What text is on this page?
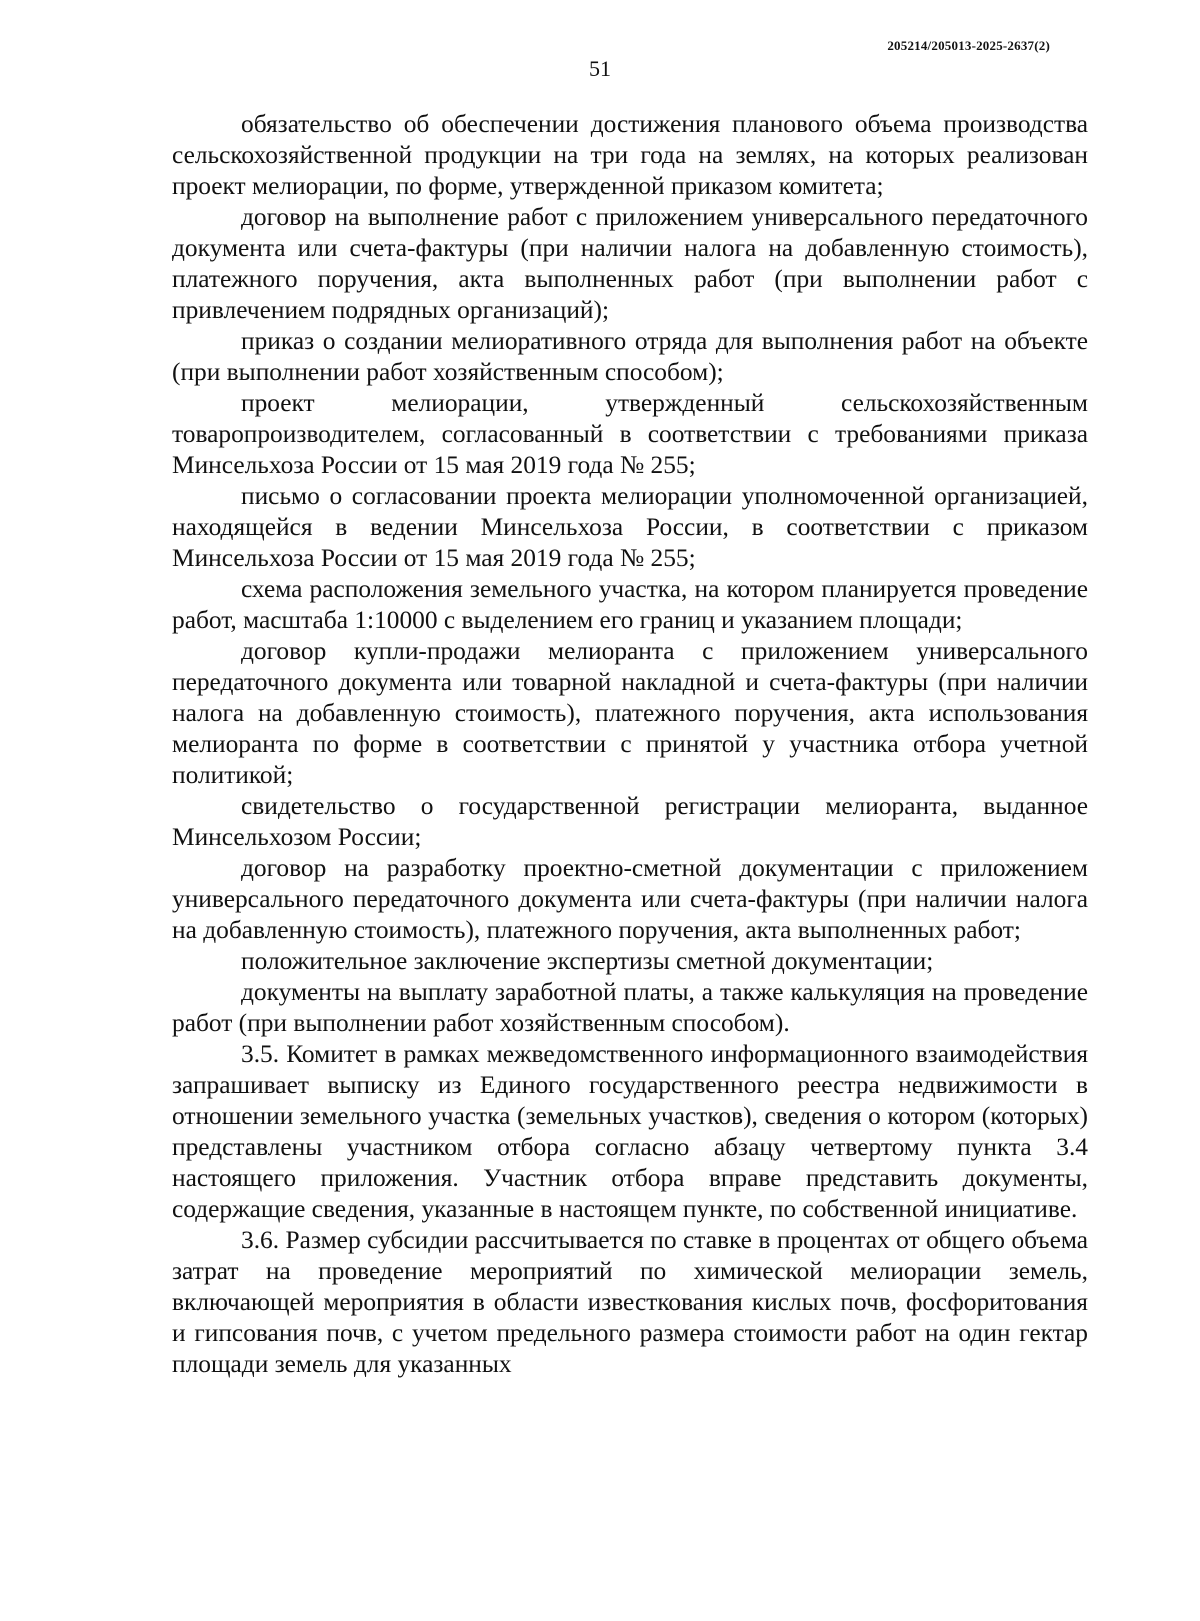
205214/205013-2025-2637(2)
51

обязательство об обеспечении достижения планового объема производства сельскохозяйственной продукции на три года на землях, на которых реализован проект мелиорации, по форме, утвержденной приказом комитета;

договор на выполнение работ с приложением универсального передаточного документа или счета-фактуры (при наличии налога на добавленную стоимость), платежного поручения, акта выполненных работ (при выполнении работ с привлечением подрядных организаций);

приказ о создании мелиоративного отряда для выполнения работ на объекте (при выполнении работ хозяйственным способом);

проект мелиорации, утвержденный сельскохозяйственным товаропроизводителем, согласованный в соответствии с требованиями приказа Минсельхоза России от 15 мая 2019 года № 255;

письмо о согласовании проекта мелиорации уполномоченной организацией, находящейся в ведении Минсельхоза России, в соответствии с приказом Минсельхоза России от 15 мая 2019 года № 255;

схема расположения земельного участка, на котором планируется проведение работ, масштаба 1:10000 с выделением его границ и указанием площади;

договор купли-продажи мелиоранта с приложением универсального передаточного документа или товарной накладной и счета-фактуры (при наличии налога на добавленную стоимость), платежного поручения, акта использования мелиоранта по форме в соответствии с принятой у участника отбора учетной политикой;

свидетельство о государственной регистрации мелиоранта, выданное Минсельхозом России;

договор на разработку проектно-сметной документации с приложением универсального передаточного документа или счета-фактуры (при наличии налога на добавленную стоимость), платежного поручения, акта выполненных работ;

положительное заключение экспертизы сметной документации;

документы на выплату заработной платы, а также калькуляция на проведение работ (при выполнении работ хозяйственным способом).

3.5. Комитет в рамках межведомственного информационного взаимодействия запрашивает выписку из Единого государственного реестра недвижимости в отношении земельного участка (земельных участков), сведения о котором (которых) представлены участником отбора согласно абзацу четвертому пункта 3.4 настоящего приложения. Участник отбора вправе представить документы, содержащие сведения, указанные в настоящем пункте, по собственной инициативе.

3.6. Размер субсидии рассчитывается по ставке в процентах от общего объема затрат на проведение мероприятий по химической мелиорации земель, включающей мероприятия в области известкования кислых почв, фосфоритования и гипсования почв, с учетом предельного размера стоимости работ на один гектар площади земель для указанных
